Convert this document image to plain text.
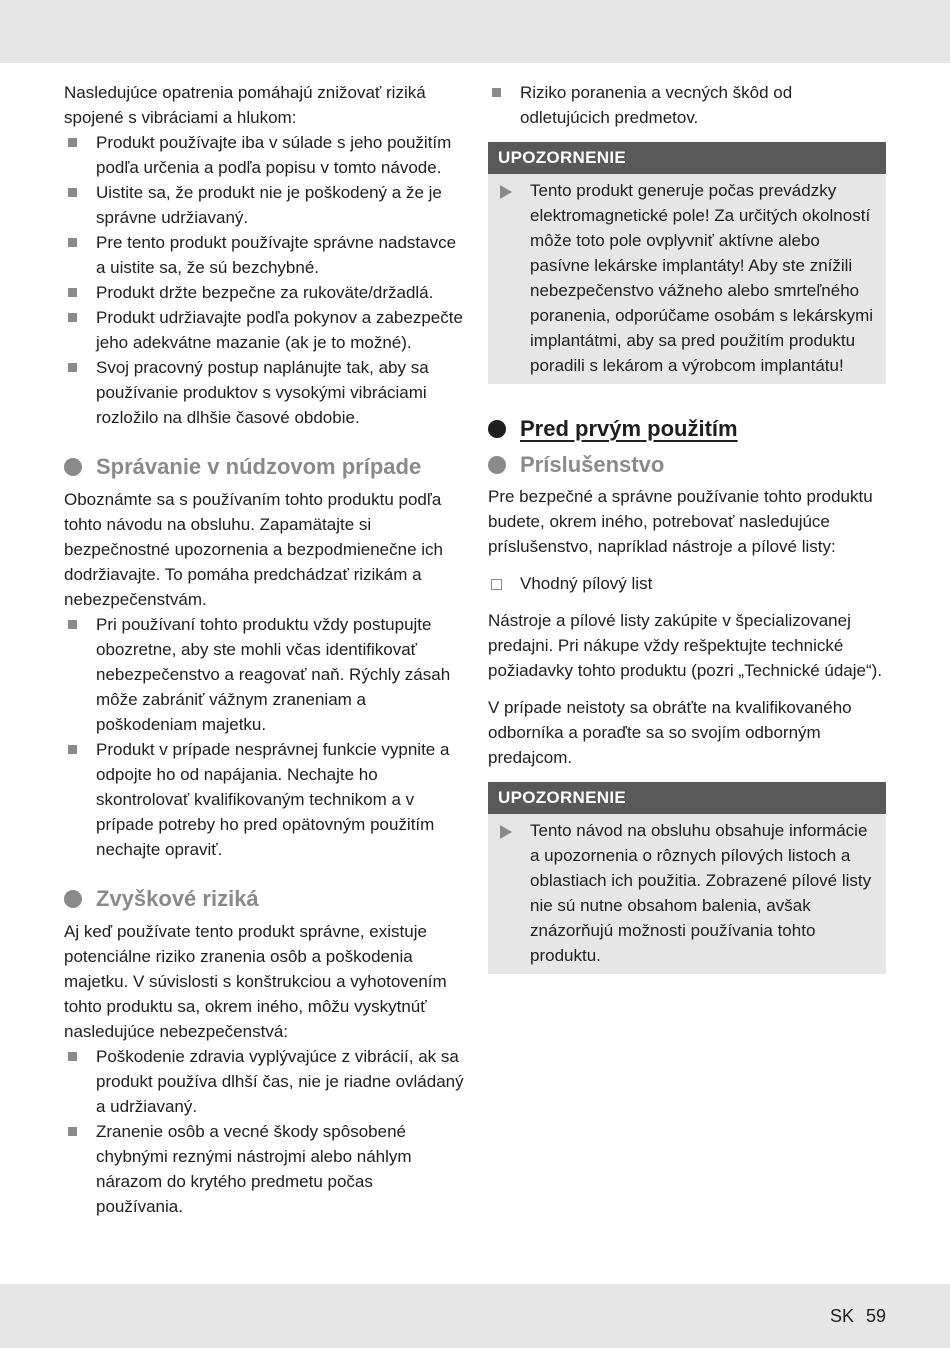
Nasledujúce opatrenia pomáhajú znižovať riziká spojené s vibráciami a hlukom:

Produkt používajte iba v súlade s jeho použitím podľa určenia a podľa popisu v tomto návode.
Uistite sa, že produkt nie je poškodený a že je správne udržiavaný.
Pre tento produkt používajte správne nadstavce a uistite sa, že sú bezchybné.
Produkt držte bezpečne za rukoväte/držadlá.
Produkt udržiavajte podľa pokynov a zabezpečte jeho adekvátne mazanie (ak je to možné).
Svoj pracovný postup naplánujte tak, aby sa používanie produktov s vysokými vibráciami rozložilo na dlhšie časové obdobie.
Správanie v núdzovom prípade

Oboznámte sa s používaním tohto produktu podľa tohto návodu na obsluhu. Zapamätajte si bezpečnostné upozornenia a bezpodmienečne ich dodržiavajte. To pomáha predchádzať rizikám a nebezpečenstvám.

Pri používaní tohto produktu vždy postupujte obozretne, aby ste mohli včas identifikovať nebezpečenstvo a reagovať naň. Rýchly zásah môže zabrániť vážnym zraneniam a poškodeniam majetku.
Produkt v prípade nesprávnej funkcie vypnite a odpojte ho od napájania. Nechajte ho skontrolovať kvalifikovaným technikom a v prípade potreby ho pred opätovným použitím nechajte opraviť.
Zvyškové riziká

Aj keď používate tento produkt správne, existuje potenciálne riziko zranenia osôb a poškodenia majetku. V súvislosti s konštrukciou a vyhotovením tohto produktu sa, okrem iného, môžu vyskytnúť nasledujúce nebezpečenstvá:

Poškodenie zdravia vyplývajúce z vibrácií, ak sa produkt používa dlhší čas, nie je riadne ovládaný a udržiavaný.
Zranenie osôb a vecné škody spôsobené chybnými reznými nástrojmi alebo náhlym nárazom do krytého predmetu počas používania.
Riziko poranenia a vecných škôd od odletujúcich predmetov.
UPOZORNENIE
Tento produkt generuje počas prevádzky elektromagnetické pole! Za určitých okolností môže toto pole ovplyvniť aktívne alebo pasívne lekárske implantáty! Aby ste znížili nebezpečenstvo vážneho alebo smrteľného poranenia, odporúčame osobám s lekárskymi implantátmi, aby sa pred použitím produktu poradili s lekárom a výrobcom implantátu!
Pred prvým použitím
Príslušenstvo

Pre bezpečné a správne používanie tohto produktu budete, okrem iného, potrebovať nasledujúce príslušenstvo, napríklad nástroje a pílové listy:

Vhodný pílový list

Nástroje a pílové listy zakúpite v špecializovanej predajni. Pri nákupe vždy rešpektujte technické požiadavky tohto produktu (pozri „Technické údaje“).

V prípade neistoty sa obráťte na kvalifikovaného odborníka a poraďte sa so svojím odborným predajcom.

UPOZORNENIE
Tento návod na obsluhu obsahuje informácie a upozornenia o rôznych pílových listoch a oblastiach ich použitia. Zobrazené pílové listy nie sú nutne obsahom balenia, avšak znázorňujú možnosti používania tohto produktu.
SK 59
